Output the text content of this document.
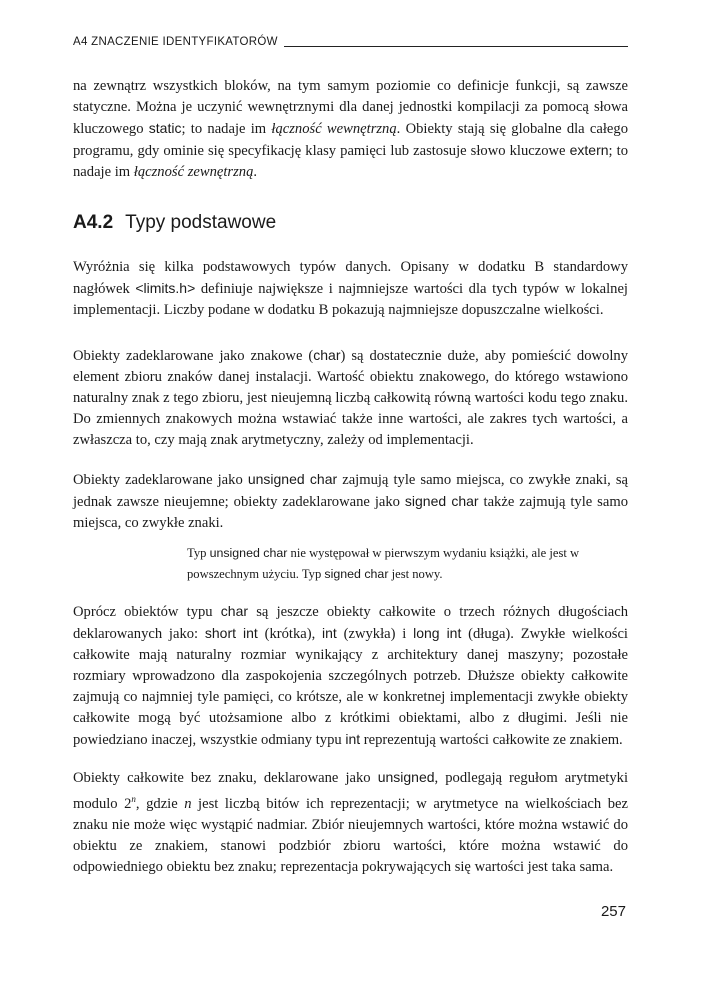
A4 ZNACZENIE IDENTYFIKATORÓW

na zewnątrz wszystkich bloków, na tym samym poziomie co definicje funkcji, są zawsze statyczne. Można je uczynić wewnętrznymi dla danej jednostki kompilacji za pomocą słowa kluczowego static; to nadaje im łączność wewnętrzną. Obiekty stają się globalne dla całego programu, gdy ominie się specyfikację klasy pamięci lub zastosuje słowo kluczowe extern; to nadaje im łączność zewnętrzną.

A4.2 Typy podstawowe

Wyróżnia się kilka podstawowych typów danych. Opisany w dodatku B standardowy nagłówek <limits.h> definiuje największe i najmniejsze wartości dla tych typów w lokalnej implementacji. Liczby podane w dodatku B pokazują najmniejsze dopuszczalne wielkości.

Obiekty zadeklarowane jako znakowe (char) są dostatecznie duże, aby pomieścić dowolny element zbioru znaków danej instalacji. Wartość obiektu znakowego, do którego wstawiono naturalny znak z tego zbioru, jest nieujemną liczbą całkowitą równą wartości kodu tego znaku. Do zmiennych znakowych można wstawiać także inne wartości, ale zakres tych wartości, a zwłaszcza to, czy mają znak arytmetyczny, zależy od implementacji.

Obiekty zadeklarowane jako unsigned char zajmują tyle samo miejsca, co zwykłe znaki, są jednak zawsze nieujemne; obiekty zadeklarowane jako signed char także zajmują tyle samo miejsca, co zwykłe znaki.

Typ unsigned char nie występował w pierwszym wydaniu książki, ale jest w powszechnym użyciu. Typ signed char jest nowy.

Oprócz obiektów typu char są jeszcze obiekty całkowite o trzech różnych długościach deklarowanych jako: short int (krótka), int (zwykła) i long int (długa). Zwykłe wielkości całkowite mają naturalny rozmiar wynikający z architektury danej maszyny; pozostałe rozmiary wprowadzono dla zaspokojenia szczególnych potrzeb. Dłuższe obiekty całkowite zajmują co najmniej tyle pamięci, co krótsze, ale w konkretnej implementacji zwykłe obiekty całkowite mogą być utożsamione albo z krótkimi obiektami, albo z długimi. Jeśli nie powiedziano inaczej, wszystkie odmiany typu int reprezentują wartości całkowite ze znakiem.

Obiekty całkowite bez znaku, deklarowane jako unsigned, podlegają regułom arytmetyki modulo 2$^n$, gdzie n jest liczbą bitów ich reprezentacji; w arytmetyce na wielkościach bez znaku nie może więc wystąpić nadmiar. Zbiór nieujemnych wartości, które można wstawić do obiektu ze znakiem, stanowi podzbiór zbioru wartości, które można wstawić do odpowiedniego obiektu bez znaku; reprezentacja pokrywających się wartości jest taka sama.

257
